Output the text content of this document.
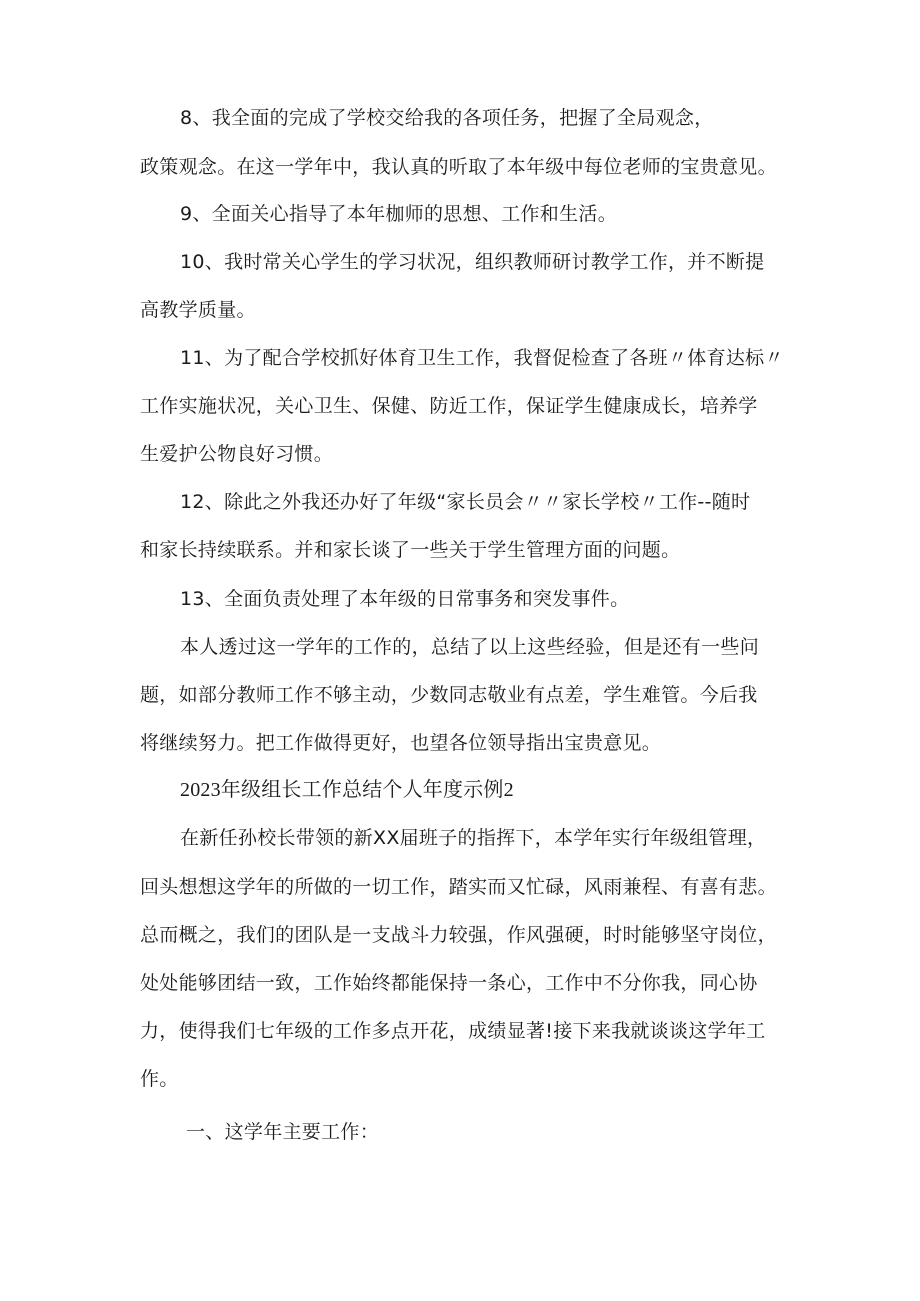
8、我全面的完成了学校交给我的各项任务，把握了全局观念，

政策观念。在这一学年中，我认真的听取了本年级中每位老师的宝贵意见。

9、全面关心指导了本年枷师的思想、工作和生活。

10、我时常关心学生的学习状况，组织教师研讨教学工作，并不断提

高教学质量。

11、为了配合学校抓好体育卫生工作，我督促检查了各班〃体育达标〃

工作实施状况，关心卫生、保健、防近工作，保证学生健康成长，培养学

生爱护公物良好习惯。

12、除此之外我还办好了年级“家长员会〃〃家长学校〃工作--随时

和家长持续联系。并和家长谈了一些关于学生管理方面的问题。

13、全面负责处理了本年级的日常事务和突发事件。

本人透过这一学年的工作的，总结了以上这些经验，但是还有一些问

题，如部分教师工作不够主动，少数同志敬业有点差，学生难管。今后我

将继续努力。把工作做得更好，也望各位领导指出宝贵意见。

2023年级组长工作总结个人年度示例2

在新任孙校长带领的新XX届班子的指挥下，本学年实行年级组管理，

回头想想这学年的所做的一切工作，踏实而又忙碌，风雨兼程、有喜有悲。

总而概之，我们的团队是一支战斗力较强，作风强硬，时时能够坚守岗位，

处处能够团结一致，工作始终都能保持一条心，工作中不分你我，同心协

力，使得我们七年级的工作多点开花，成绩显著!接下来我就谈谈这学年工

作。

一、这学年主要工作：
